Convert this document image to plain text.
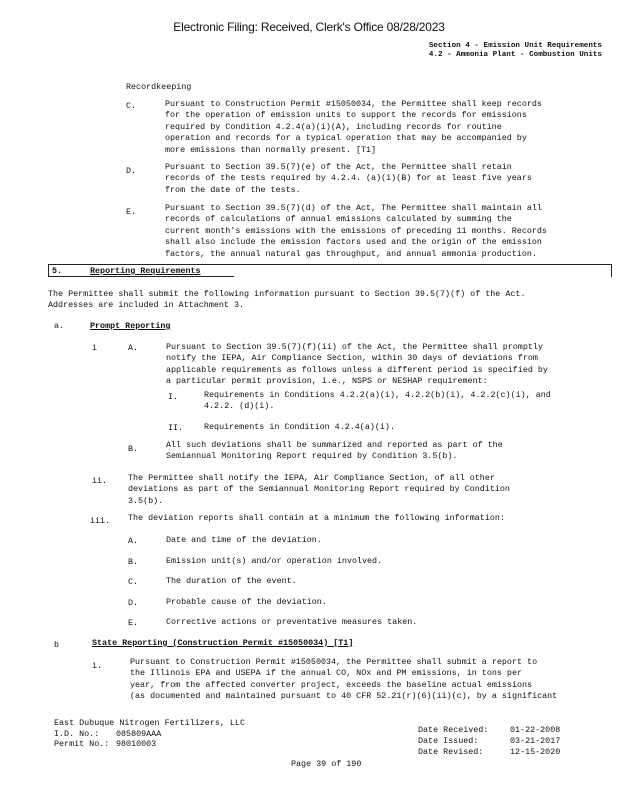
Electronic Filing: Received, Clerk's Office 08/28/2023
Section 4 - Emission Unit Requirements
4.2 - Ammonia Plant - Combustion Units
Recordkeeping
C.	Pursuant to Construction Permit #15050034, the Permittee shall keep records
for the operation of emission units to support the records for emissions
required by Condition 4.2.4(a)(i)(A), including records for routine
operation and records for a typical operation that may be accompanied by
more emissions than normally present. [T1]
D.	Pursuant to Section 39.5(7)(e) of the Act, the Permittee shall retain
records of the tests required by 4.2.4. (a)(i)(B) for at least five years
from the date of the tests.
E.	Pursuant to Section 39.5(7)(d) of the Act, The Permittee shall maintain all
records of calculations of annual emissions calculated by summing the
current month's emissions with the emissions of preceding 11 months. Records
shall also include the emission factors used and the origin of the emission
factors, the annual natural gas throughput, and annual ammonia production.
5.	Reporting Requirements
The Permittee shall submit the following information pursuant to Section 39.5(7)(f) of the Act.
Addresses are included in Attachment 3.
a.	Prompt Reporting
i	A.	Pursuant to Section 39.5(7)(f)(ii) of the Act, the Permittee shall promptly
notify the IEPA, Air Compliance Section, within 30 days of deviations from
applicable requirements as follows unless a different period is specified by
a particular permit provision, i.e., NSPS or NESHAP requirement:
I.	Requirements in Conditions 4.2.2(a)(i), 4.2.2(b)(i), 4.2.2(c)(i), and
4.2.2. (d)(i).
II. Requirements in Condition 4.2.4(a)(i).
B.	All such deviations shall be summarized and reported as part of the
Semiannual Monitoring Report required by Condition 3.5(b).
ii. The Permittee shall notify the IEPA, Air Compliance Section, of all other
deviations as part of the Semiannual Monitoring Report required by Condition
3.5(b).
iii. The deviation reports shall contain at a minimum the following information:
A.	Date and time of the deviation.
B.	Emission unit(s) and/or operation involved.
C.	The duration of the event.
D.	Probable cause of the deviation.
E.	Corrective actions or preventative measures taken.
b	State Reporting (Construction Permit #15050034) [T1]
i.	Pursuant to Construction Permit #15050034, the Permittee shall submit a report to
the Illinois EPA and USEPA if the annual CO, NOx and PM emissions, in tons per
year, from the affected converter project, exceeds the baseline actual emissions
(as documented and maintained pursuant to 40 CFR 52.21(r)(6)(ii)(c), by a significant
East Dubuque Nitrogen Fertilizers, LLC
I.D. No.: 085809AAA
Permit No.: 98010003
Date Received:	01-22-2008
Date Issued:	03-21-2017
Date Revised:	12-15-2020
Page 39 of 190
